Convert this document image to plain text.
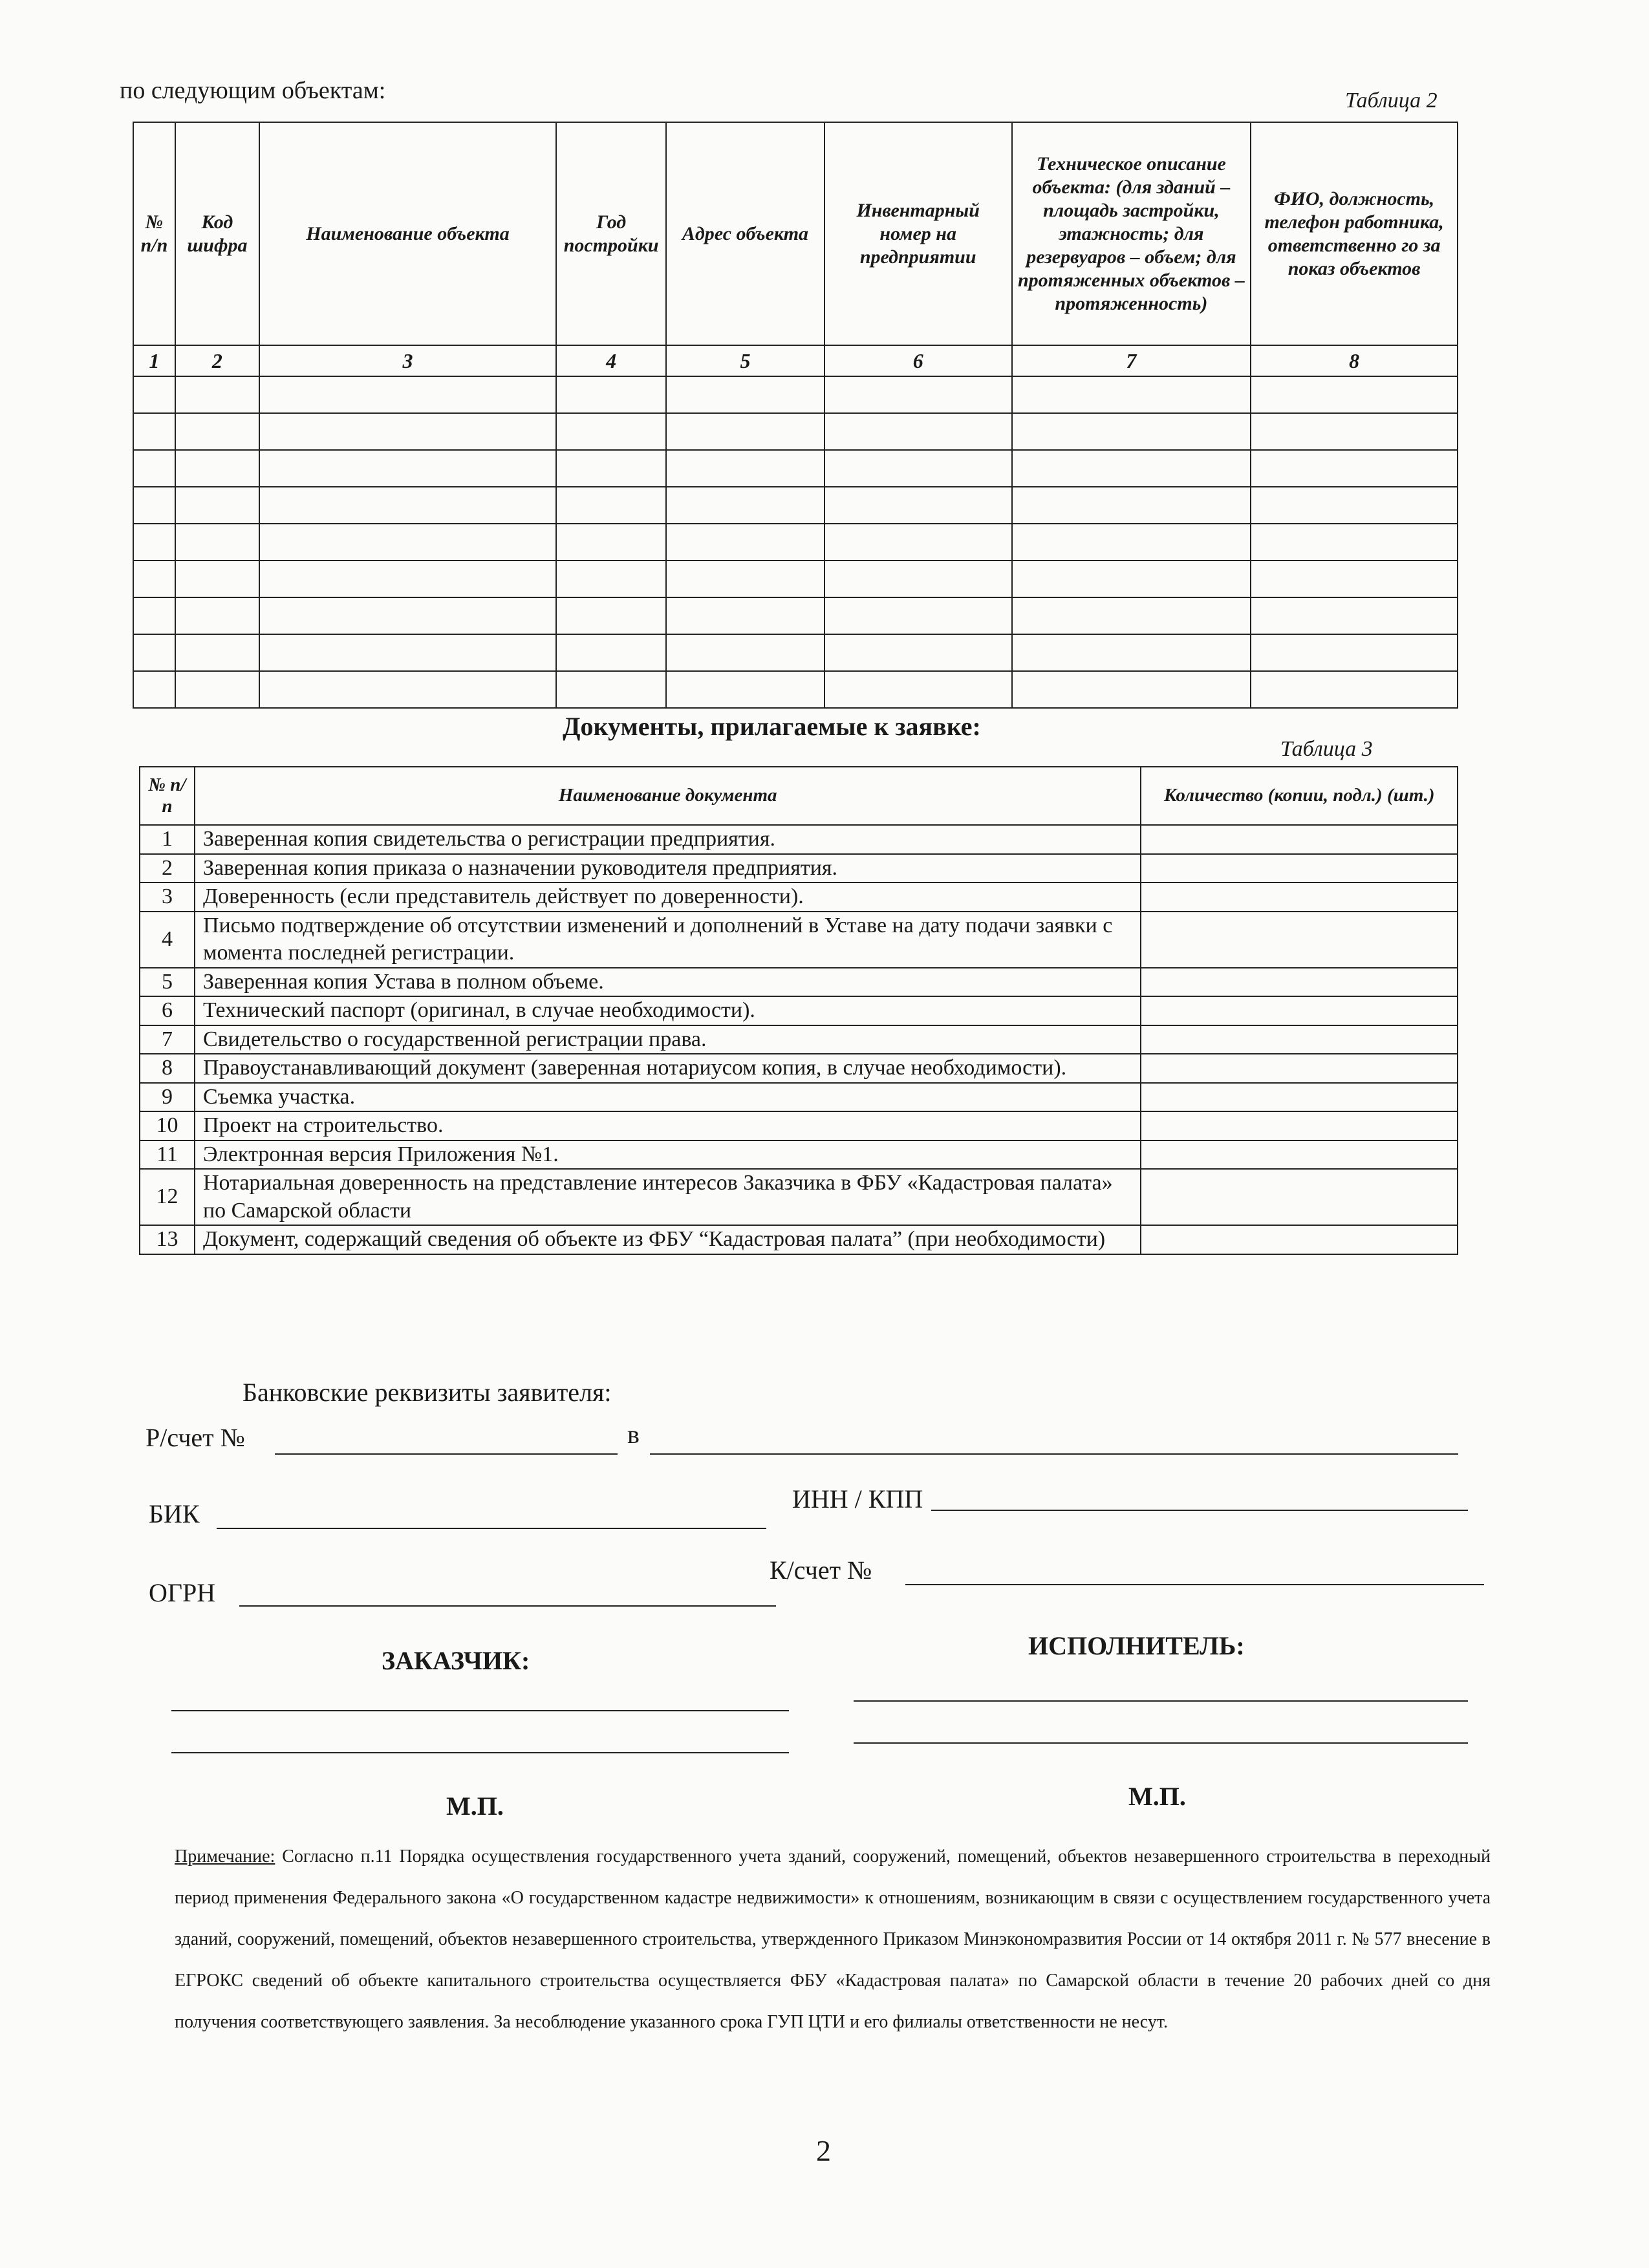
по следующим объектам:	Таблица 2
№ п/п	Код шифра	Наименование объекта	Год постройки	Адрес объекта	Инвентарный номер на предприятии	Техническое описание объекта: (для зданий – площадь застройки, этажность; для резервуаров – объем; для протяженных объектов – протяженность)	ФИО, должность, телефон работника, ответственно го за показ объектов
1	2	3	4	5	6	7	8

Документы, прилагаемые к заявке:
Таблица 3
№ п/п	Наименование документа	Количество (копии, подл.) (шт.)
1	Заверенная копия свидетельства о регистрации предприятия.	
2	Заверенная копия приказа о назначении руководителя предприятия.	
3	Доверенность (если представитель действует по доверенности).	
4	Письмо подтверждение об отсутствии изменений и дополнений в Уставе на дату подачи заявки с момента последней регистрации.	
5	Заверенная копия Устава в полном объеме.	
6	Технический паспорт (оригинал, в случае необходимости).	
7	Свидетельство о государственной регистрации права.	
8	Правоустанавливающий документ (заверенная нотариусом копия, в случае необходимости).	
9	Съемка участка.	
10	Проект на строительство.	
11	Электронная версия Приложения №1.	
12	Нотариальная доверенность на представление интересов Заказчика в ФБУ «Кадастровая палата» по Самарской области	
13	Документ, содержащий сведения об объекте из ФБУ “Кадастровая палата” (при необходимости)	
Банковские реквизиты заявителя:
Р/счет №	в
БИК
ИНН / КПП
ОГРН
К/счет №
ЗАКАЗЧИК:
ИСПОЛНИТЕЛЬ:
М.П.	М.П.
Примечание: Согласно п.11 Порядка осуществления государственного учета зданий, сооружений, помещений, объектов незавершенного строительства в переходный период применения Федерального закона «О государственном кадастре недвижимости» к отношениям, возникающим в связи с осуществлением государственного учета зданий, сооружений, помещений, объектов незавершенного строительства, утвержденного Приказом Минэкономразвития России от 14 октября 2011 г. № 577 внесение в ЕГРОКС сведений об объекте капитального строительства осуществляется ФБУ «Кадастровая палата» по Самарской области в течение 20 рабочих дней со дня получения соответствующего заявления. За несоблюдение указанного срока ГУП ЦТИ и его филиалы ответственности не несут.
2
